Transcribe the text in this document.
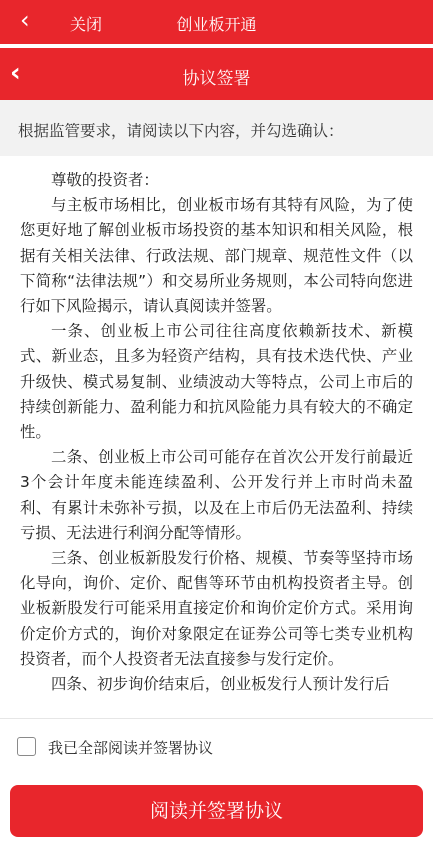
‹	关闭	创业板开通
‹	协议签署
根据监管要求，请阅读以下内容，并勾选确认：

尊敬的投资者：

与主板市场相比，创业板市场有其特有风险，为了使您更好地了解创业板市场投资的基本知识和相关风险，根据有关相关法律、行政法规、部门规章、规范性文件（以下简称“法律法规”）和交易所业务规则，本公司特向您进行如下风险揭示，请认真阅读并签署。

一条、创业板上市公司往往高度依赖新技术、新模式、新业态，且多为轻资产结构，具有技术迭代快、产业升级快、模式易复制、业绩波动大等特点，公司上市后的持续创新能力、盈利能力和抗风险能力具有较大的不确定性。

二条、创业板上市公司可能存在首次公开发行前最近3个会计年度未能连续盈利、公开发行并上市时尚未盈利、有累计未弥补亏损，以及在上市后仍无法盈利、持续亏损、无法进行利润分配等情形。

三条、创业板新股发行价格、规模、节奏等坚持市场化导向，询价、定价、配售等环节由机构投资者主导。创业板新股发行可能采用直接定价和询价定价方式。采用询价定价方式的，询价对象限定在证券公司等七类专业机构投资者，而个人投资者无法直接参与发行定价。

四条、初步询价结束后，创业板发行人预计发行后

我已全部阅读并签署协议
阅读并签署协议
